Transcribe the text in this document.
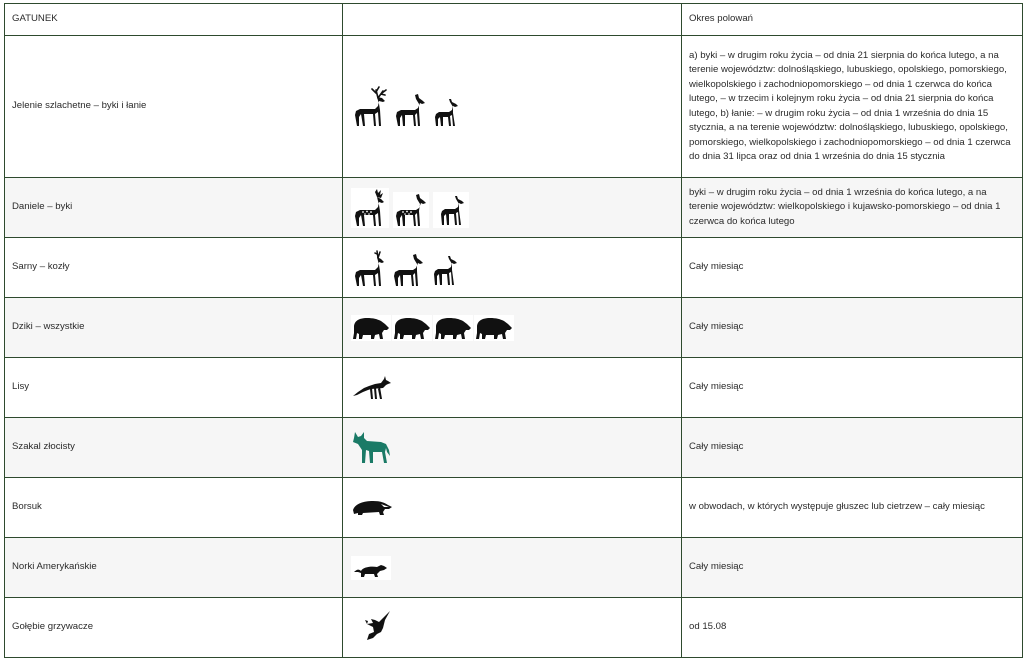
GATUNEK		Okres polowań
Jelenie szlachetne – byki i łanie		a) byki – w drugim roku życia – od dnia 21 sierpnia do końca lutego, a na terenie województw: dolnośląskiego, lubuskiego, opolskiego, pomorskiego, wielkopolskiego i zachodniopomorskiego – od dnia 1 czerwca do końca lutego, – w trzecim i kolejnym roku życia – od dnia 21 sierpnia do końca lutego, b) łanie: – w drugim roku życia – od dnia 1 września do dnia 15 stycznia, a na terenie województw: dolnośląskiego, lubuskiego, opolskiego, pomorskiego, wielkopolskiego i zachodniopomorskiego – od dnia 1 czerwca do dnia 31 lipca oraz od dnia 1 września do dnia 15 stycznia
Daniele – byki		byki – w drugim roku życia – od dnia 1 września do końca lutego, a na terenie województw: wielkopolskiego i kujawsko-pomorskiego – od dnia 1 czerwca do końca lutego
Sarny – kozły		Cały miesiąc
Dziki – wszystkie		Cały miesiąc
Lisy		Cały miesiąc
Szakal złocisty		Cały miesiąc
Borsuk		w obwodach, w których występuje głuszec lub cietrzew – cały miesiąc
Norki Amerykańskie		Cały miesiąc
Gołębie grzywacze		od 15.08
